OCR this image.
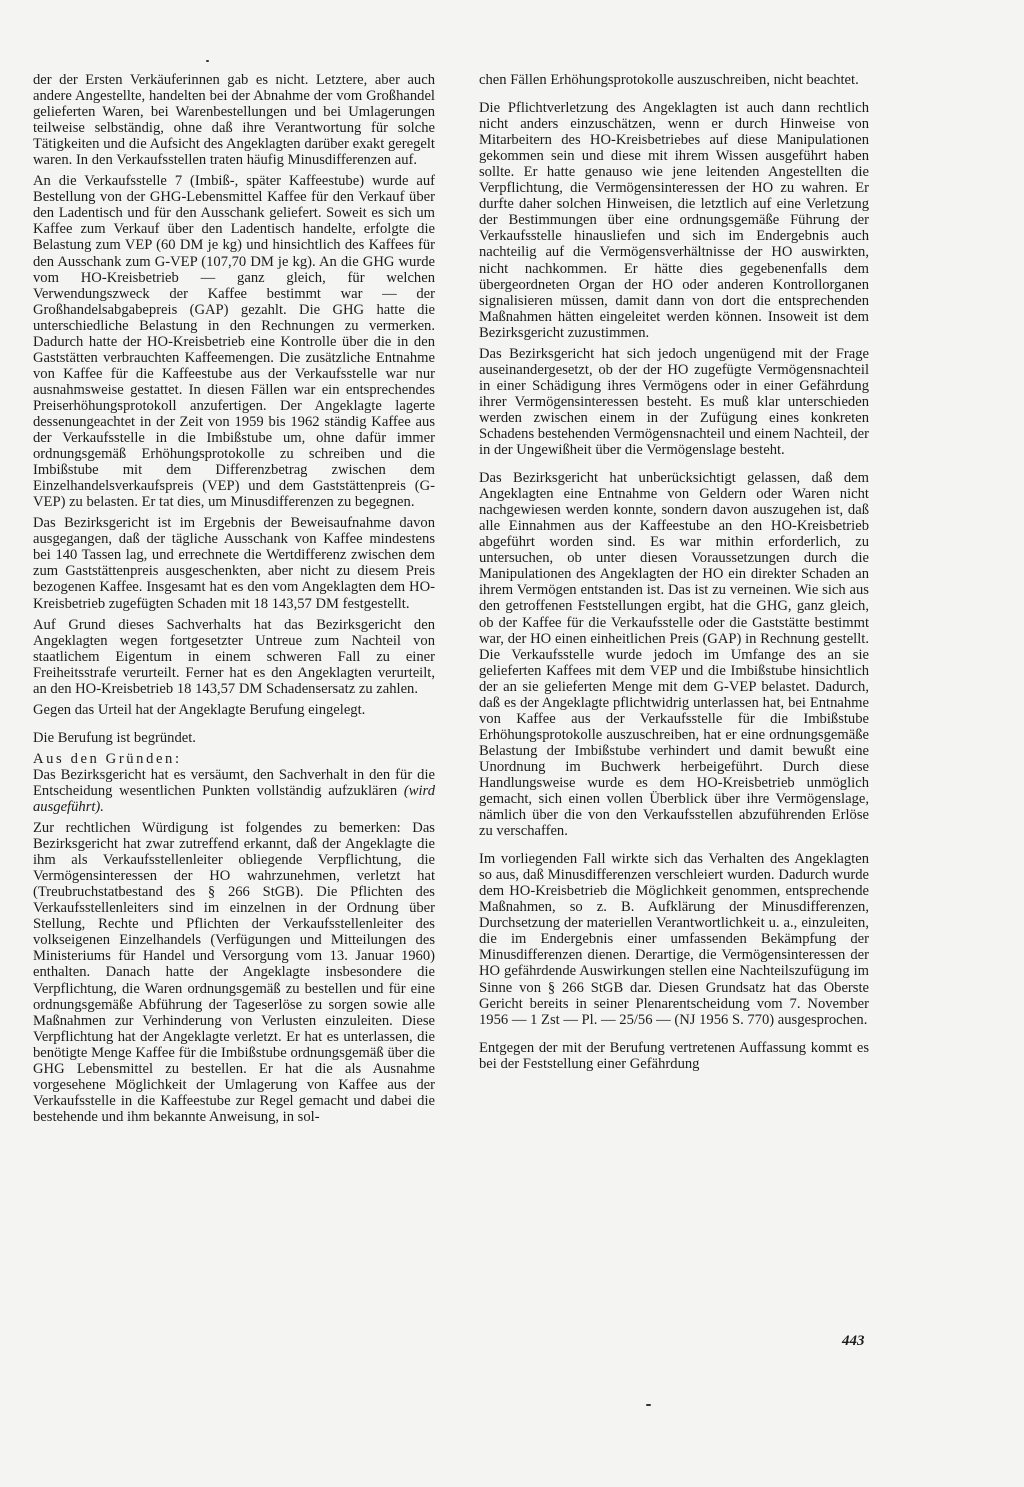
der der Ersten Verkäuferinnen gab es nicht. Letztere, aber auch andere Angestellte, handelten bei der Abnahme der vom Großhandel gelieferten Waren, bei Warenbestellungen und bei Umlagerungen teilweise selbständig, ohne daß ihre Verantwortung für solche Tätigkeiten und die Aufsicht des Angeklagten darüber exakt geregelt waren. In den Verkaufsstellen traten häufig Minusdifferenzen auf.

An die Verkaufsstelle 7 (Imbiß-, später Kaffeestube) wurde auf Bestellung von der GHG-Lebensmittel Kaffee für den Verkauf über den Ladentisch und für den Ausschank geliefert. Soweit es sich um Kaffee zum Verkauf über den Ladentisch handelte, erfolgte die Belastung zum VEP (60 DM je kg) und hinsichtlich des Kaffees für den Ausschank zum G-VEP (107,70 DM je kg). An die GHG wurde vom HO-Kreisbetrieb — ganz gleich, für welchen Verwendungszweck der Kaffee bestimmt war — der Großhandelsabgabepreis (GAP) gezahlt. Die GHG hatte die unterschiedliche Belastung in den Rechnungen zu vermerken. Dadurch hatte der HO-Kreisbetrieb eine Kontrolle über die in den Gaststätten verbrauchten Kaffeemengen. Die zusätzliche Entnahme von Kaffee für die Kaffeestube aus der Verkaufsstelle war nur ausnahmsweise gestattet. In diesen Fällen war ein entsprechendes Preiserhöhungsprotokoll anzufertigen. Der Angeklagte lagerte dessenungeachtet in der Zeit von 1959 bis 1962 ständig Kaffee aus der Verkaufsstelle in die Imbißstube um, ohne dafür immer ordnungsgemäß Erhöhungsprotokolle zu schreiben und die Imbißstube mit dem Differenzbetrag zwischen dem Einzelhandelsverkaufspreis (VEP) und dem Gaststättenpreis (G-VEP) zu belasten. Er tat dies, um Minusdifferenzen zu begegnen.

Das Bezirksgericht ist im Ergebnis der Beweisaufnahme davon ausgegangen, daß der tägliche Ausschank von Kaffee mindestens bei 140 Tassen lag, und errechnete die Wertdifferenz zwischen dem zum Gaststättenpreis ausgeschenkten, aber nicht zu diesem Preis bezogenen Kaffee. Insgesamt hat es den vom Angeklagten dem HO-Kreisbetrieb zugefügten Schaden mit 18 143,57 DM festgestellt.

Auf Grund dieses Sachverhalts hat das Bezirksgericht den Angeklagten wegen fortgesetzter Untreue zum Nachteil von staatlichem Eigentum in einem schweren Fall zu einer Freiheitsstrafe verurteilt. Ferner hat es den Angeklagten verurteilt, an den HO-Kreisbetrieb 18 143,57 DM Schadensersatz zu zahlen.

Gegen das Urteil hat der Angeklagte Berufung eingelegt.

Die Berufung ist begründet.

Aus den Gründen:

Das Bezirksgericht hat es versäumt, den Sachverhalt in den für die Entscheidung wesentlichen Punkten vollständig aufzuklären (wird ausgeführt).

Zur rechtlichen Würdigung ist folgendes zu bemerken: Das Bezirksgericht hat zwar zutreffend erkannt, daß der Angeklagte die ihm als Verkaufsstellenleiter obliegende Verpflichtung, die Vermögensinteressen der HO wahrzunehmen, verletzt hat (Treubruchstatbestand des § 266 StGB). Die Pflichten des Verkaufsstellenleiters sind im einzelnen in der Ordnung über Stellung, Rechte und Pflichten der Verkaufsstellenleiter des volkseigenen Einzelhandels (Verfügungen und Mitteilungen des Ministeriums für Handel und Versorgung vom 13. Januar 1960) enthalten. Danach hatte der Angeklagte insbesondere die Verpflichtung, die Waren ordnungsgemäß zu bestellen und für eine ordnungsgemäße Abführung der Tageserlöse zu sorgen sowie alle Maßnahmen zur Verhinderung von Verlusten einzuleiten. Diese Verpflichtung hat der Angeklagte verletzt. Er hat es unterlassen, die benötigte Menge Kaffee für die Imbißstube ordnungsgemäß über die GHG Lebensmittel zu bestellen. Er hat die als Ausnahme vorgesehene Möglichkeit der Umlagerung von Kaffee aus der Verkaufsstelle in die Kaffeestube zur Regel gemacht und dabei die bestehende und ihm bekannte Anweisung, in sol-

chen Fällen Erhöhungsprotokolle auszuschreiben, nicht beachtet.

Die Pflichtverletzung des Angeklagten ist auch dann rechtlich nicht anders einzuschätzen, wenn er durch Hinweise von Mitarbeitern des HO-Kreisbetriebes auf diese Manipulationen gekommen sein und diese mit ihrem Wissen ausgeführt haben sollte. Er hatte genauso wie jene leitenden Angestellten die Verpflichtung, die Vermögensinteressen der HO zu wahren. Er durfte daher solchen Hinweisen, die letztlich auf eine Verletzung der Bestimmungen über eine ordnungsgemäße Führung der Verkaufsstelle hinausliefen und sich im Endergebnis auch nachteilig auf die Vermögensverhältnisse der HO auswirkten, nicht nachkommen. Er hätte dies gegebenenfalls dem übergeordneten Organ der HO oder anderen Kontrollorganen signalisieren müssen, damit dann von dort die entsprechenden Maßnahmen hätten eingeleitet werden können. Insoweit ist dem Bezirksgericht zuzustimmen.

Das Bezirksgericht hat sich jedoch ungenügend mit der Frage auseinandergesetzt, ob der der HO zugefügte Vermögensnachteil in einer Schädigung ihres Vermögens oder in einer Gefährdung ihrer Vermögensinteressen besteht. Es muß klar unterschieden werden zwischen einem in der Zufügung eines konkreten Schadens bestehenden Vermögensnachteil und einem Nachteil, der in der Ungewißheit über die Vermögenslage besteht.

Das Bezirksgericht hat unberücksichtigt gelassen, daß dem Angeklagten eine Entnahme von Geldern oder Waren nicht nachgewiesen werden konnte, sondern davon auszugehen ist, daß alle Einnahmen aus der Kaffeestube an den HO-Kreisbetrieb abgeführt worden sind. Es war mithin erforderlich, zu untersuchen, ob unter diesen Voraussetzungen durch die Manipulationen des Angeklagten der HO ein direkter Schaden an ihrem Vermögen entstanden ist. Das ist zu verneinen. Wie sich aus den getroffenen Feststellungen ergibt, hat die GHG, ganz gleich, ob der Kaffee für die Verkaufsstelle oder die Gaststätte bestimmt war, der HO einen einheitlichen Preis (GAP) in Rechnung gestellt. Die Verkaufsstelle wurde jedoch im Umfange des an sie gelieferten Kaffees mit dem VEP und die Imbißstube hinsichtlich der an sie gelieferten Menge mit dem G-VEP belastet. Dadurch, daß es der Angeklagte pflichtwidrig unterlassen hat, bei Entnahme von Kaffee aus der Verkaufsstelle für die Imbißstube Erhöhungsprotokolle auszuschreiben, hat er eine ordnungsgemäße Belastung der Imbißstube verhindert und damit bewußt eine Unordnung im Buchwerk herbeigeführt. Durch diese Handlungsweise wurde es dem HO-Kreisbetrieb unmöglich gemacht, sich einen vollen Überblick über ihre Vermögenslage, nämlich über die von den Verkaufsstellen abzuführenden Erlöse zu verschaffen.

Im vorliegenden Fall wirkte sich das Verhalten des Angeklagten so aus, daß Minusdifferenzen verschleiert wurden. Dadurch wurde dem HO-Kreisbetrieb die Möglichkeit genommen, entsprechende Maßnahmen, so z. B. Aufklärung der Minusdifferenzen, Durchsetzung der materiellen Verantwortlichkeit u. a., einzuleiten, die im Endergebnis einer umfassenden Bekämpfung der Minusdifferenzen dienen. Derartige, die Vermögensinteressen der HO gefährdende Auswirkungen stellen eine Nachteilszufügung im Sinne von § 266 StGB dar. Diesen Grundsatz hat das Oberste Gericht bereits in seiner Plenarentscheidung vom 7. November 1956 — 1 Zst — Pl. — 25/56 — (NJ 1956 S. 770) ausgesprochen.

Entgegen der mit der Berufung vertretenen Auffassung kommt es bei der Feststellung einer Gefährdung

443
